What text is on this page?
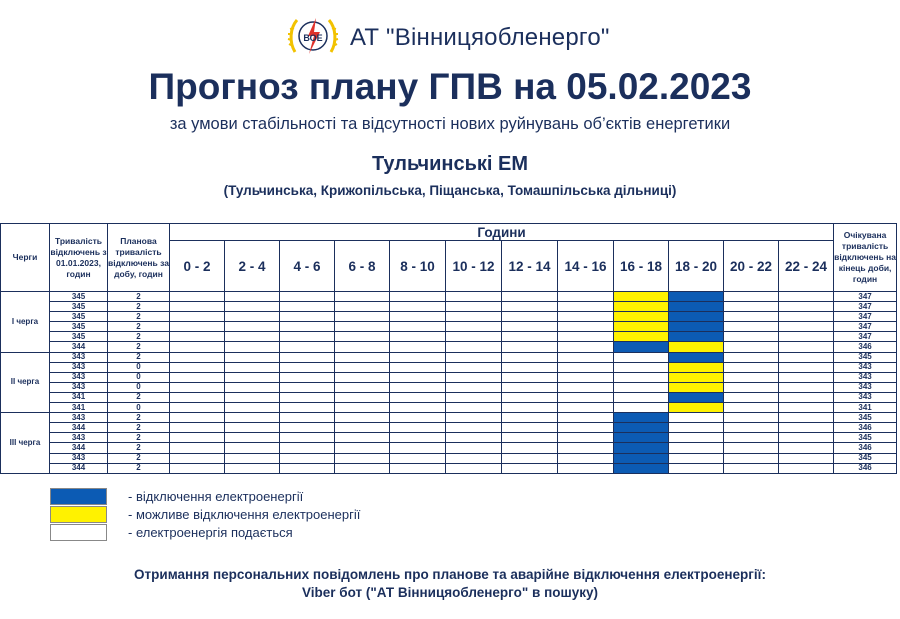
ВОЕ АТ "Вінницяобленерго"
Прогноз плану ГПВ на 05.02.2023
за умови стабільності та відсутності нових руйнувань об’єктів енергетики
Тульчинські ЕМ
(Тульчинська, Крижопільська, Піщанська, Томашпільська дільниці)
Черги	Тривалість відключень з 01.01.2023, годин	Планова тривалість відключень за добу, годин	Години												Очікувана тривалість відключень на кінець доби, годин
			0 - 2	2 - 4	4 - 6	6 - 8	8 - 10	10 - 12	12 - 14	14 - 16	16 - 18	18 - 20	20 - 22	22 - 24	
І черга	345	2													347
	345	2													347
	345	2													347
	345	2													347
	345	2													347
	344	2													346
ІІ черга	343	2													345
	343	0													343
	343	0													343
	343	0													343
	341	2													343
	341	0													341
ІІІ черга	343	2													345
	344	2													346
	343	2													345
	344	2													346
	343	2													345
	344	2													346
- відключення електроенергії
- можливе відключення електроенергії
- електроенергія подається
Отримання персональних повідомлень про планове та аварійне відключення електроенергії:
Viber бот ("АТ Вінницяобленерго" в пошуку)
